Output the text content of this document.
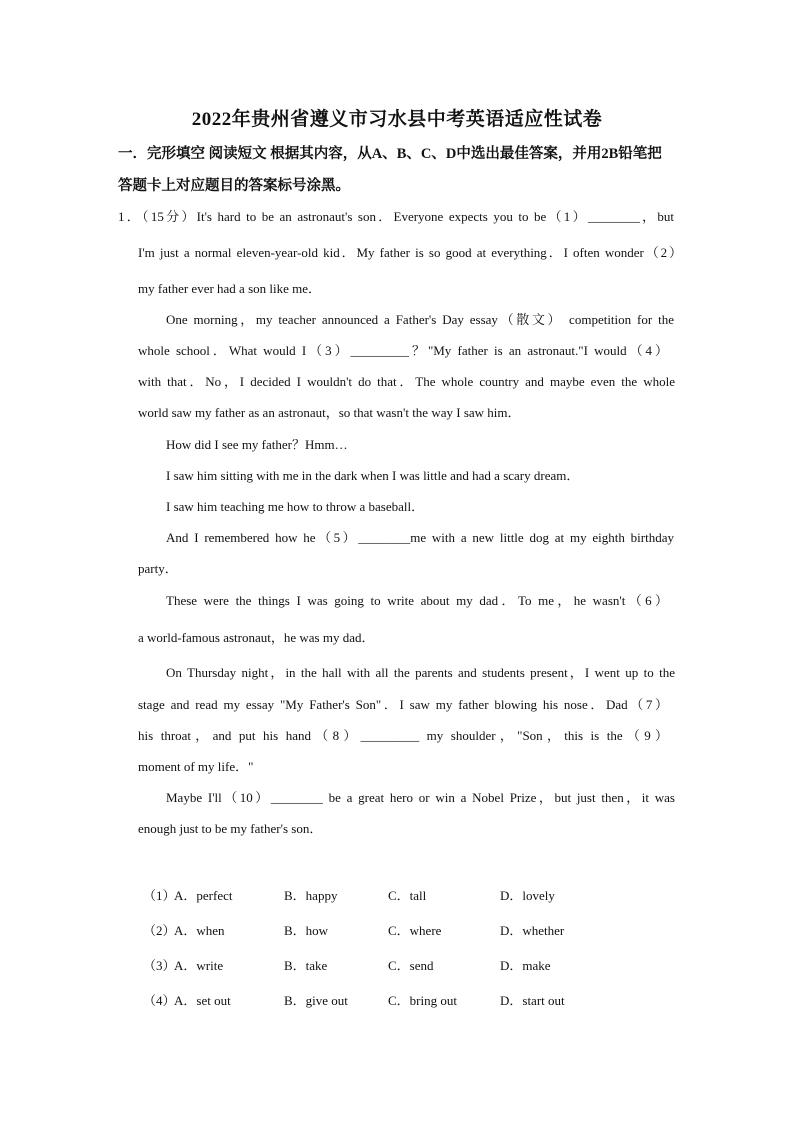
2022年贵州省遵义市习水县中考英语适应性试卷
一．完形填空 阅读短文 根据其内容，从A、B、C、D中选出最佳答案，并用2B铅笔把
答题卡上对应题目的答案标号涂黑。
1．（15分）It's hard to be an astronaut's son．Everyone expects you to be（1）________，but
I'm just a normal eleven-year-old kid．My father is so good at everything．I often wonder（2）
my father ever had a son like me．
One morning，my teacher announced a Father's Day essay（散文） competition for the
whole school．What would I（3）_________？"My father is an astronaut."I would（4）
with that．No，I decided I wouldn't do that．The whole country and maybe even the whole
world saw my father as an astronaut，so that wasn't the way I saw him．
How did I see my father？Hmm…
I saw him sitting with me in the dark when I was little and had a scary dream．
I saw him teaching me how to throw a baseball．
And I remembered how he（5）________me with a new little dog at my eighth birthday
party．
These were the things I was going to write about my dad．To me，he wasn't（6）
a world-famous astronaut，he was my dad．
On Thursday night，in the hall with all the parents and students present，I went up to the
stage and read my essay "My Father's Son"．I saw my father blowing his nose．Dad（7）
his throat，and put his hand（8）_________ my shoulder，"Son，this is the（9）
moment of my life．"
Maybe I'll（10）________ be a great hero or win a Nobel Prize，but just then，it was
enough just to be my father's son．
（1）
A．perfect	B．happy	C．tall	D．lovely
（2）
A．when	B．how	C．where	D．whether
（3）
A．write	B．take	C．send	D．make
（4）
A．set out	B．give out	C．bring out	D．start out
